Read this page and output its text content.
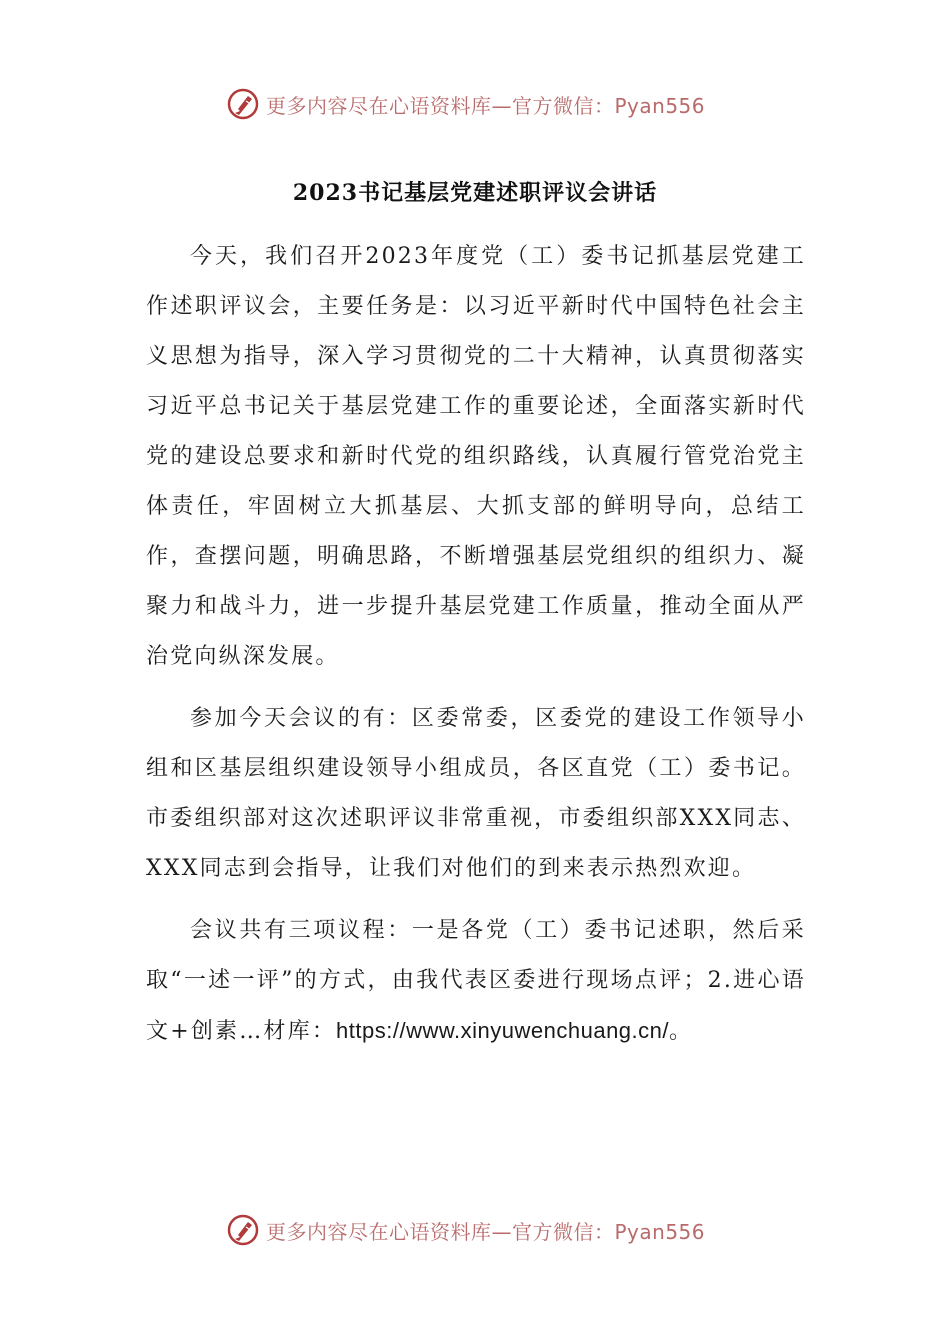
更多内容尽在心语资料库—官方微信：Pyan556
2023书记基层党建述职评议会讲话

今天，我们召开2023年度党（工）委书记抓基层党建工作述职评议会，主要任务是：以习近平新时代中国特色社会主义思想为指导，深入学习贯彻党的二十大精神，认真贯彻落实习近平总书记关于基层党建工作的重要论述，全面落实新时代党的建设总要求和新时代党的组织路线，认真履行管党治党主体责任，牢固树立大抓基层、大抓支部的鲜明导向，总结工作，查摆问题，明确思路，不断增强基层党组织的组织力、凝聚力和战斗力，进一步提升基层党建工作质量，推动全面从严治党向纵深发展。

参加今天会议的有：区委常委，区委党的建设工作领导小组和区基层组织建设领导小组成员，各区直党（工）委书记。市委组织部对这次述职评议非常重视，市委组织部XXX同志、XXX同志到会指导，让我们对他们的到来表示热烈欢迎。

会议共有三项议程：一是各党（工）委书记述职，然后采取“一述一评”的方式，由我代表区委进行现场点评；2.进心语文+创素…材库：https://www.xinyuwenchuang.cn/。

更多内容尽在心语资料库—官方微信：Pyan556
